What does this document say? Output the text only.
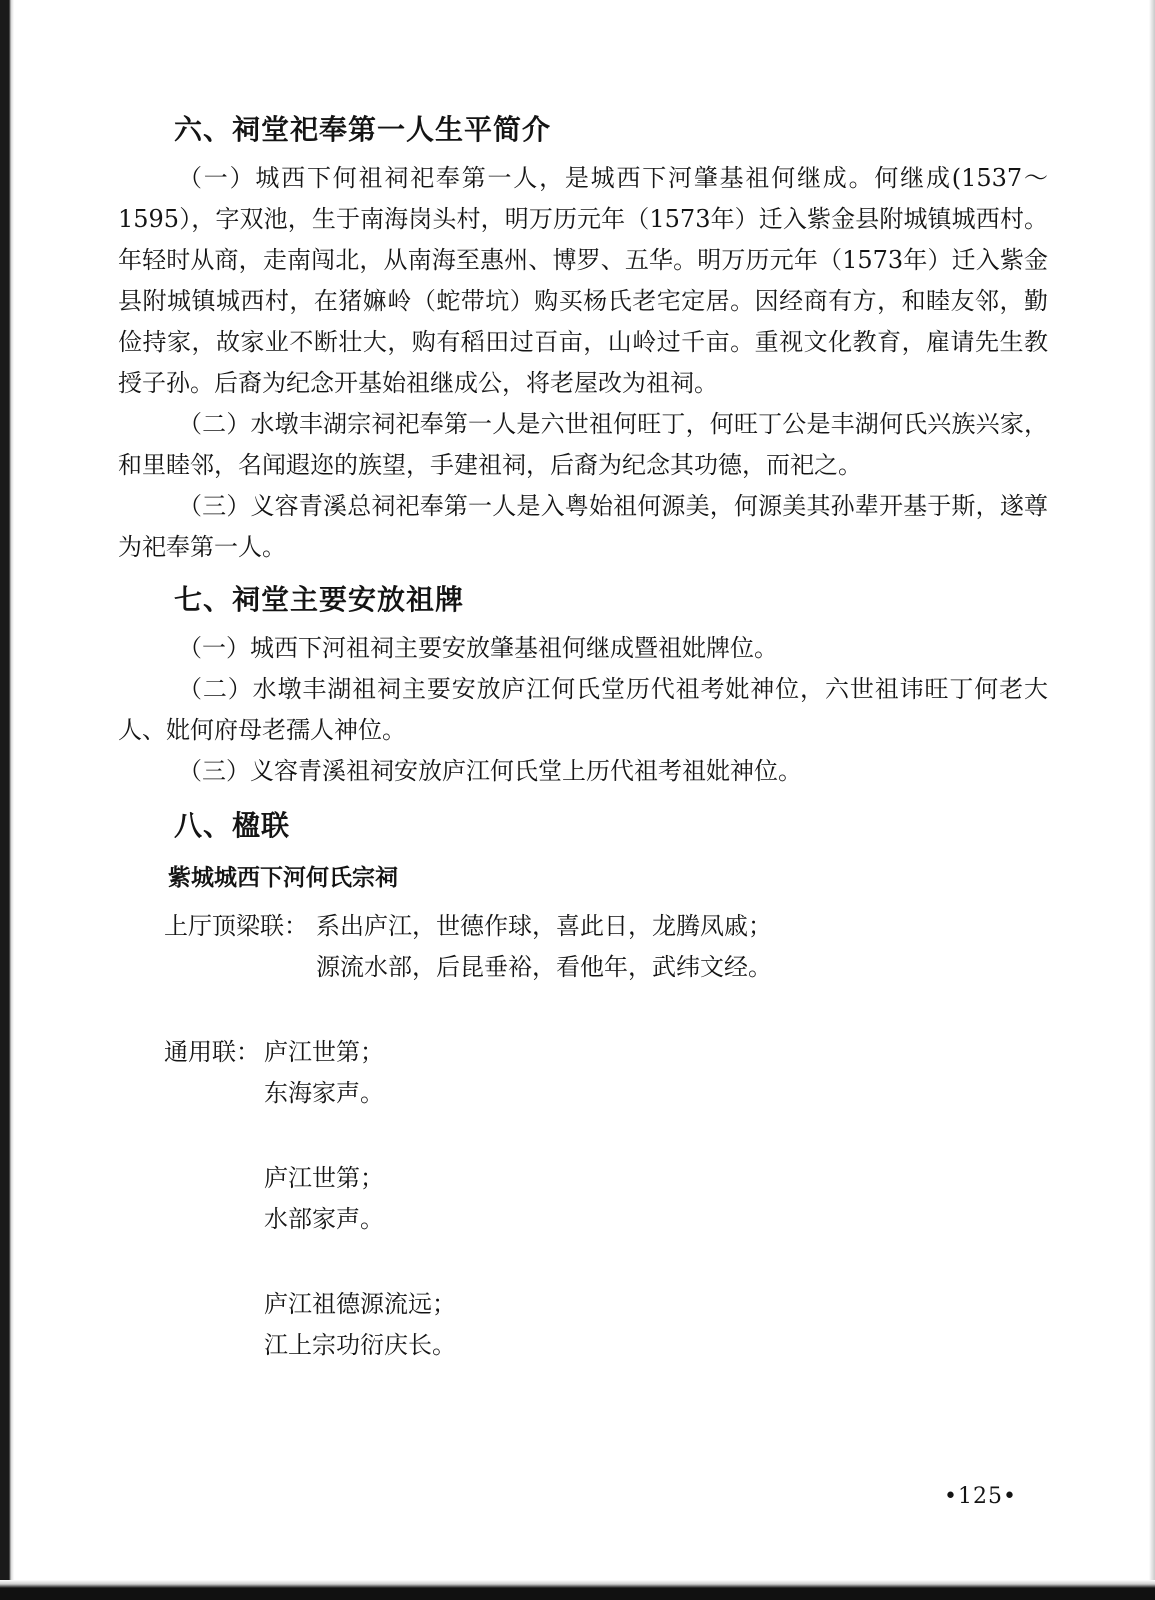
六、祠堂祀奉第一人生平简介

（一）城西下何祖祠祀奉第一人，是城西下河肇基祖何继成。何继成(1537～1595），字双池，生于南海岗头村，明万历元年（1573年）迁入紫金县附城镇城西村。年轻时从商，走南闯北，从南海至惠州、博罗、五华。明万历元年（1573年）迁入紫金县附城镇城西村，在猪嫲岭（蛇带坑）购买杨氏老宅定居。因经商有方，和睦友邻，勤俭持家，故家业不断壮大，购有稻田过百亩，山岭过千亩。重视文化教育，雇请先生教授子孙。后裔为纪念开基始祖继成公，将老屋改为祖祠。

（二）水墩丰湖宗祠祀奉第一人是六世祖何旺丁，何旺丁公是丰湖何氏兴族兴家，和里睦邻，名闻遐迩的族望，手建祖祠，后裔为纪念其功德，而祀之。

（三）义容青溪总祠祀奉第一人是入粤始祖何源美，何源美其孙辈开基于斯，遂尊为祀奉第一人。

七、祠堂主要安放祖牌

（一）城西下河祖祠主要安放肇基祖何继成暨祖妣牌位。

（二）水墩丰湖祖祠主要安放庐江何氏堂历代祖考妣神位，六世祖讳旺丁何老大人、妣何府母老孺人神位。

（三）义容青溪祖祠安放庐江何氏堂上历代祖考祖妣神位。

八、楹联
紫城城西下河何氏宗祠
上厅顶梁联： 系出庐江，世德作球，喜此日，龙腾凤戚；
源流水部，后昆垂裕，看他年，武纬文经。
通用联： 庐江世第；
东海家声。
庐江世第；
水部家声。
庐江祖德源流远；
江上宗功衍庆长。
•125•
